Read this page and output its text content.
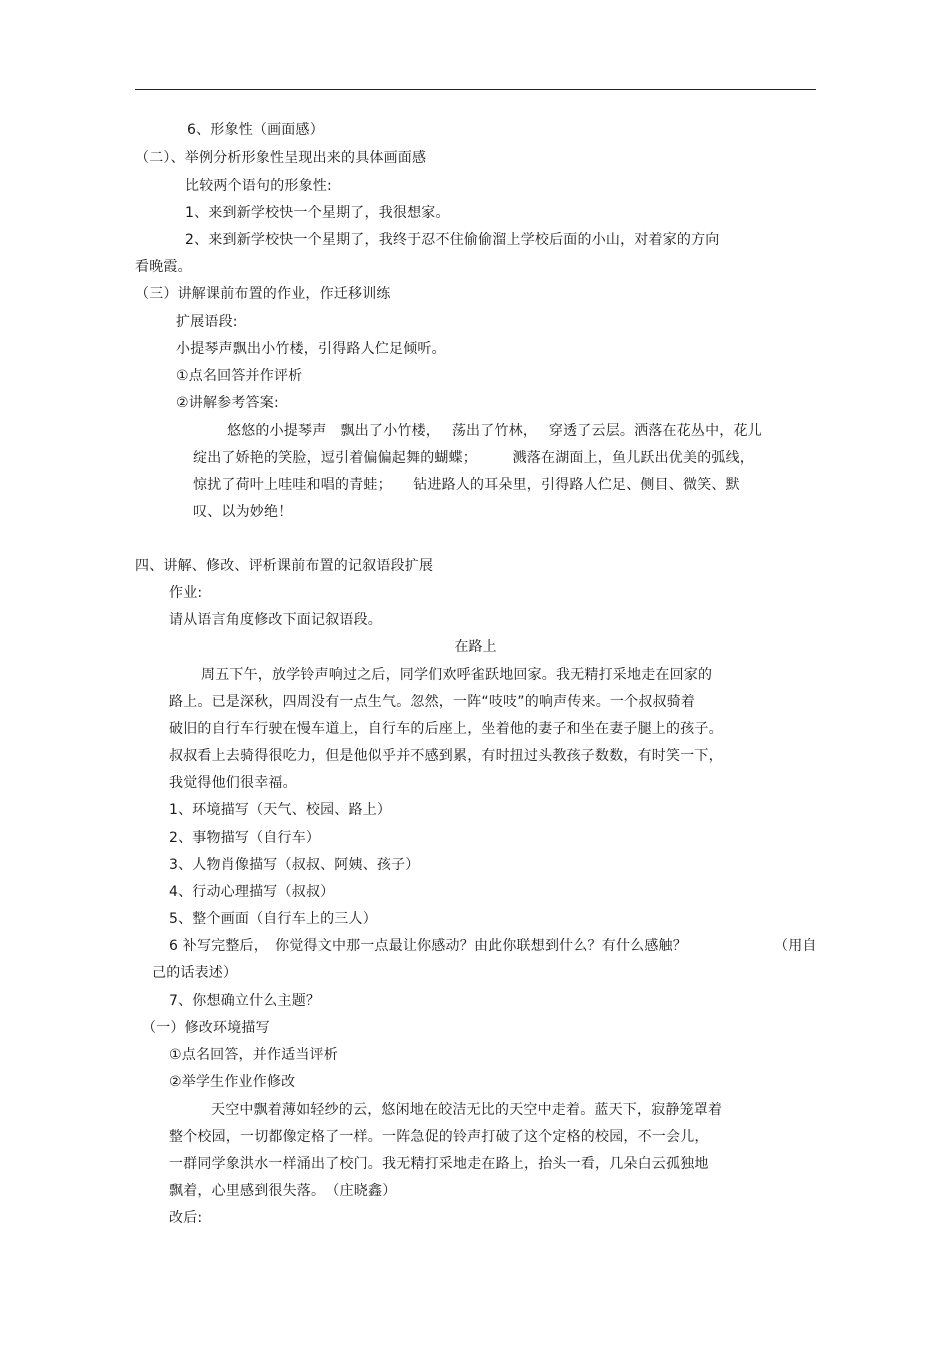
6、形象性（画面感）
（二）、举例分析形象性呈现出来的具体画面感
比较两个语句的形象性:
1、来到新学校快一个星期了，我很想家。
2、来到新学校快一个星期了，我终于忍不住偷偷溜上学校后面的小山，对着家的方向
看晚霞。
（三）讲解课前布置的作业，作迁移训练
扩展语段:
小提琴声飘出小竹楼，引得路人伫足倾听。
①点名回答并作评析
②讲解参考答案:
悠悠的小提琴声　飘出了小竹楼，　 荡出了竹林，　 穿透了云层。洒落在花丛中，花儿
绽出了娇艳的笑脸，逗引着偏偏起舞的蝴蝶；　　　溅落在湖面上，鱼儿跃出优美的弧线，
惊扰了荷叶上哇哇和唱的青蛙；　　钻进路人的耳朵里，引得路人伫足、侧目、微笑、默
叹、以为妙绝！
四、讲解、修改、评析课前布置的记叙语段扩展
作业:
请从语言角度修改下面记叙语段。
在路上
周五下午，放学铃声响过之后，同学们欢呼雀跃地回家。我无精打采地走在回家的
路上。已是深秋，四周没有一点生气。忽然，一阵“吱吱”的响声传来。一个叔叔骑着
破旧的自行车行驶在慢车道上，自行车的后座上，坐着他的妻子和坐在妻子腿上的孩子。
叔叔看上去骑得很吃力，但是他似乎并不感到累，有时扭过头教孩子数数，有时笑一下，
我觉得他们很幸福。
1、环境描写（天气、校园、路上）
2、事物描写（自行车）
3、人物肖像描写（叔叔、阿姨、孩子）
4、行动心理描写（叔叔）
5、整个画面（自行车上的三人）
6 补写完整后，　你觉得文中那一点最让你感动？由此你联想到什么？有什么感触？	（用自
己的话表述）
7、你想确立什么主题？
（一）修改环境描写
①点名回答，并作适当评析
②举学生作业作修改
天空中飘着薄如轻纱的云，悠闲地在皎洁无比的天空中走着。蓝天下，寂静笼罩着
整个校园，一切都像定格了一样。一阵急促的铃声打破了这个定格的校园，不一会儿，
一群同学象洪水一样涌出了校门。我无精打采地走在路上，抬头一看，几朵白云孤独地
飘着，心里感到很失落。　（庄晓鑫）
改后:
